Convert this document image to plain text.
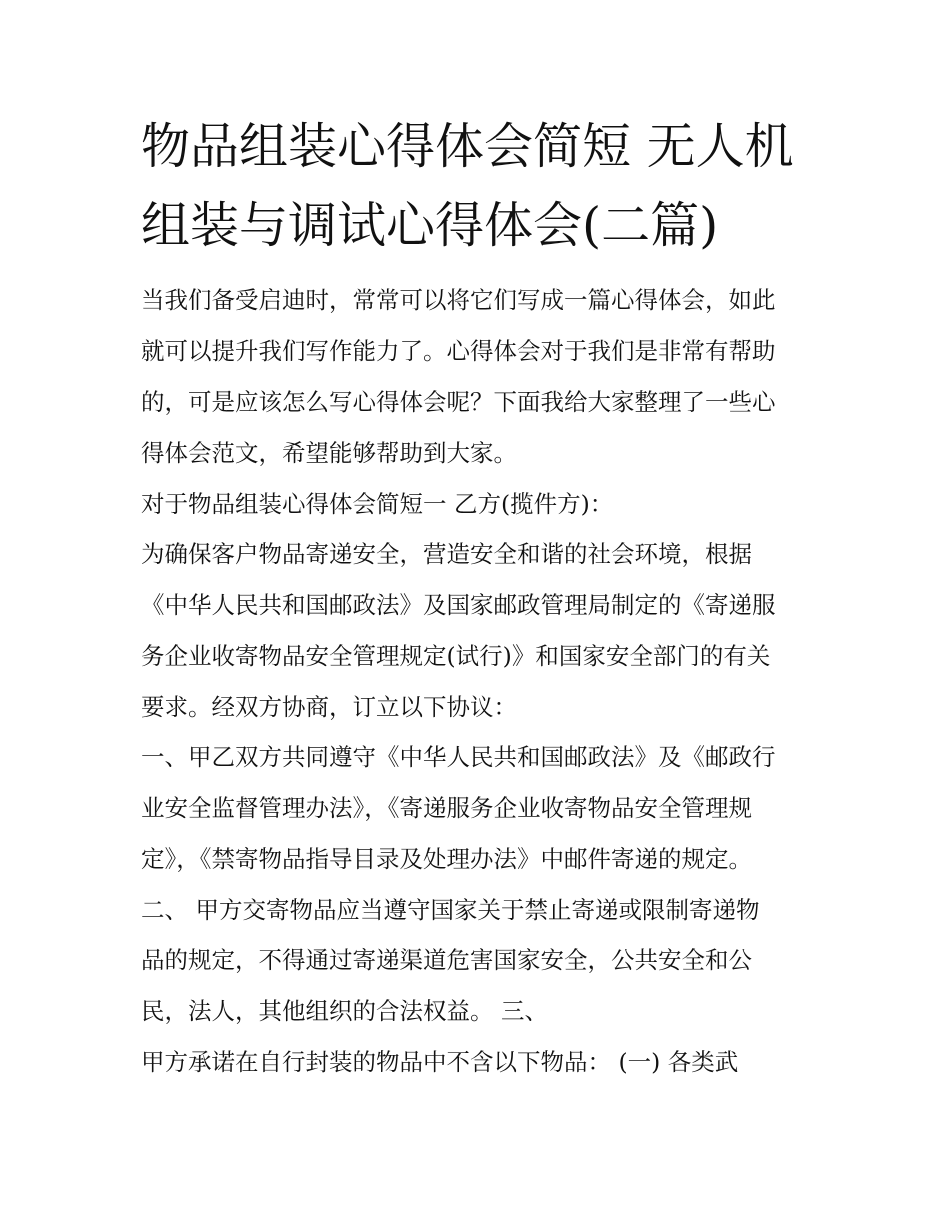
物品组装心得体会简短 无人机
组装与调试心得体会(二篇)
当我们备受启迪时，常常可以将它们写成一篇心得体会，如此
就可以提升我们写作能力了。心得体会对于我们是非常有帮助
的，可是应该怎么写心得体会呢？下面我给大家整理了一些心
得体会范文，希望能够帮助到大家。
对于物品组装心得体会简短一 乙方(揽件方)：
为确保客户物品寄递安全，营造安全和谐的社会环境，根据
《中华人民共和国邮政法》及国家邮政管理局制定的《寄递服
务企业收寄物品安全管理规定(试行)》和国家安全部门的有关
要求。经双方协商，订立以下协议：
一、甲乙双方共同遵守《中华人民共和国邮政法》及《邮政行
业安全监督管理办法》，《寄递服务企业收寄物品安全管理规
定》，《禁寄物品指导目录及处理办法》中邮件寄递的规定。
二、 甲方交寄物品应当遵守国家关于禁止寄递或限制寄递物
品的规定，不得通过寄递渠道危害国家安全，公共安全和公
民，法人，其他组织的合法权益。 三、
甲方承诺在自行封装的物品中不含以下物品： (一) 各类武
